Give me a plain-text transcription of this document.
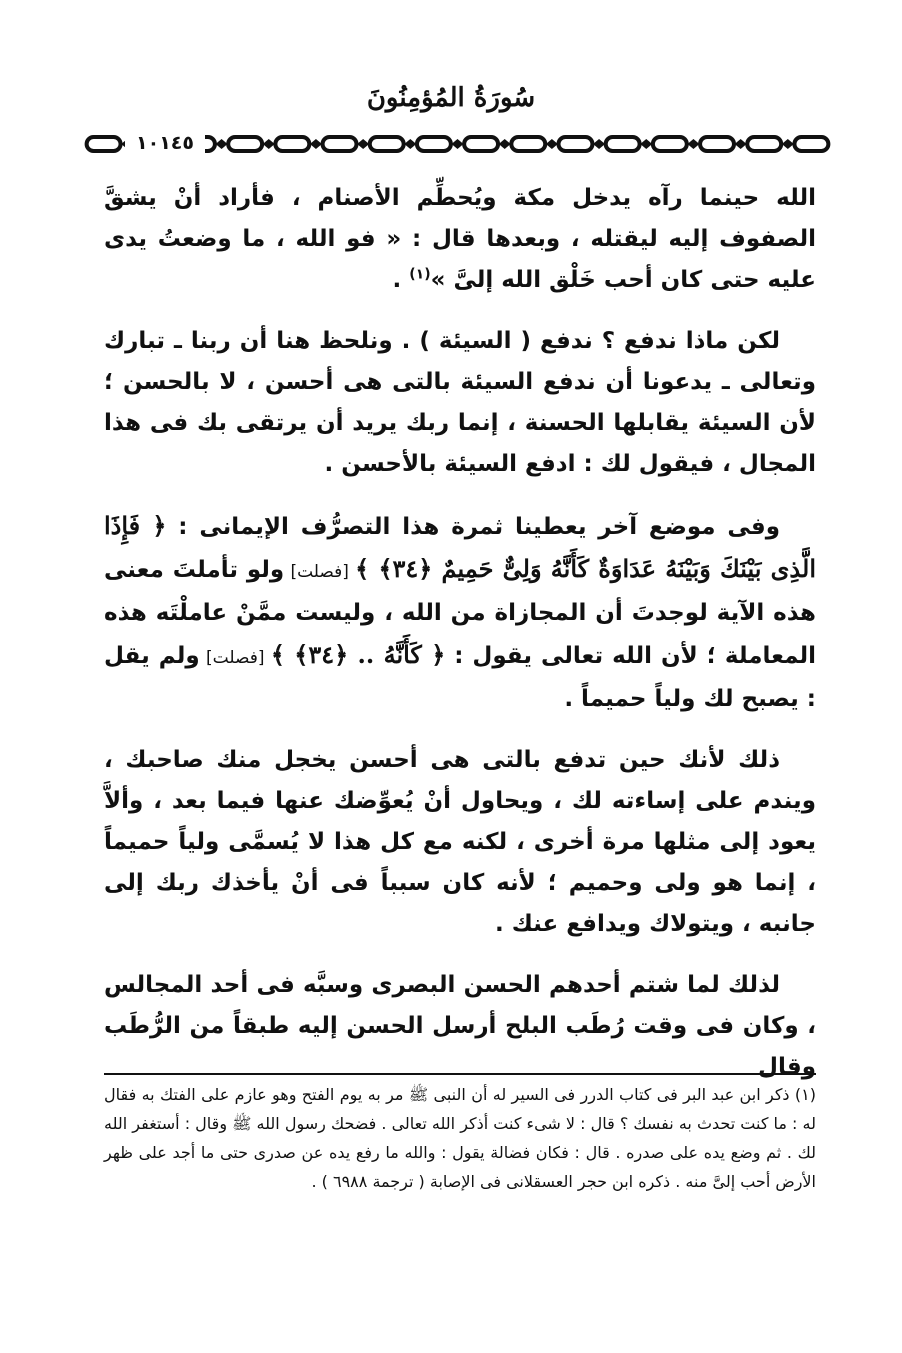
سُورَةُ المُؤمِنُونَ
١٠١٤٥

الله حينما رآه يدخل مكة ويُحطِّم الأصنام ، فأراد أنْ يشقَّ الصفوف إليه ليقتله ، وبعدها قال : « فو الله ، ما وضعتُ يدى عليه حتى كان أحب خَلْق الله إلىَّ »$^{(١)}$ .

لكن ماذا ندفع ؟ ندفع ( السيئة ) . ونلحظ هنا أن ربنا ـ تبارك وتعالى ـ يدعونا أن ندفع السيئة بالتى هى أحسن ، لا بالحسن ؛ لأن السيئة يقابلها الحسنة ، إنما ربك يريد أن يرتقى بك فى هذا المجال ، فيقول لك : ادفع السيئة بالأحسن .

وفى موضع آخر يعطينا ثمرة هذا التصرُّف الإيمانى : ﴿ فَإِذَا الَّذِى بَيْنَكَ وَبَيْنَهُ عَدَاوَةٌ كَأَنَّهُ وَلِىٌّ حَمِيمٌ ﴿٣٤﴾ ﴾ [فصلت] ولو تأملتَ معنى هذه الآية لوجدتَ أن المجازاة من الله ، وليست ممَّنْ عاملْتَه هذه المعاملة ؛ لأن الله تعالى يقول : ﴿ كَأَنَّهُ .. ﴿٣٤﴾ ﴾ [فصلت] ولم يقل : يصبح لك ولياً حميماً .

ذلك لأنك حين تدفع بالتى هى أحسن يخجل منك صاحبك ، ويندم على إساءته لك ، ويحاول أنْ يُعوِّضك عنها فيما بعد ، وألاَّ يعود إلى مثلها مرة أخرى ، لكنه مع كل هذا لا يُسمَّى ولياً حميماً ، إنما هو ولى وحميم ؛ لأنه كان سبباً فى أنْ يأخذك ربك إلى جانبه ، ويتولاك ويدافع عنك .

لذلك لما شتم أحدهم الحسن البصرى وسبَّه فى أحد المجالس ، وكان فى وقت رُطَب البلح أرسل الحسن إليه طبقاً من الرُّطَب وقال

(١) ذكر ابن عبد البر فى كتاب الدرر فى السير له أن النبى ﷺ مر به يوم الفتح وهو عازم على الفتك به فقال له : ما كنت تحدث به نفسك ؟ قال : لا شىء كنت أذكر الله تعالى . فضحك رسول الله ﷺ وقال : أستغفر الله لك . ثم وضع يده على صدره . قال : فكان فضالة يقول : والله ما رفع يده عن صدرى حتى ما أجد على ظهر الأرض أحب إلىَّ منه . ذكره ابن حجر العسقلانى فى الإصابة ( ترجمة ٦٩٨٨ ) .
